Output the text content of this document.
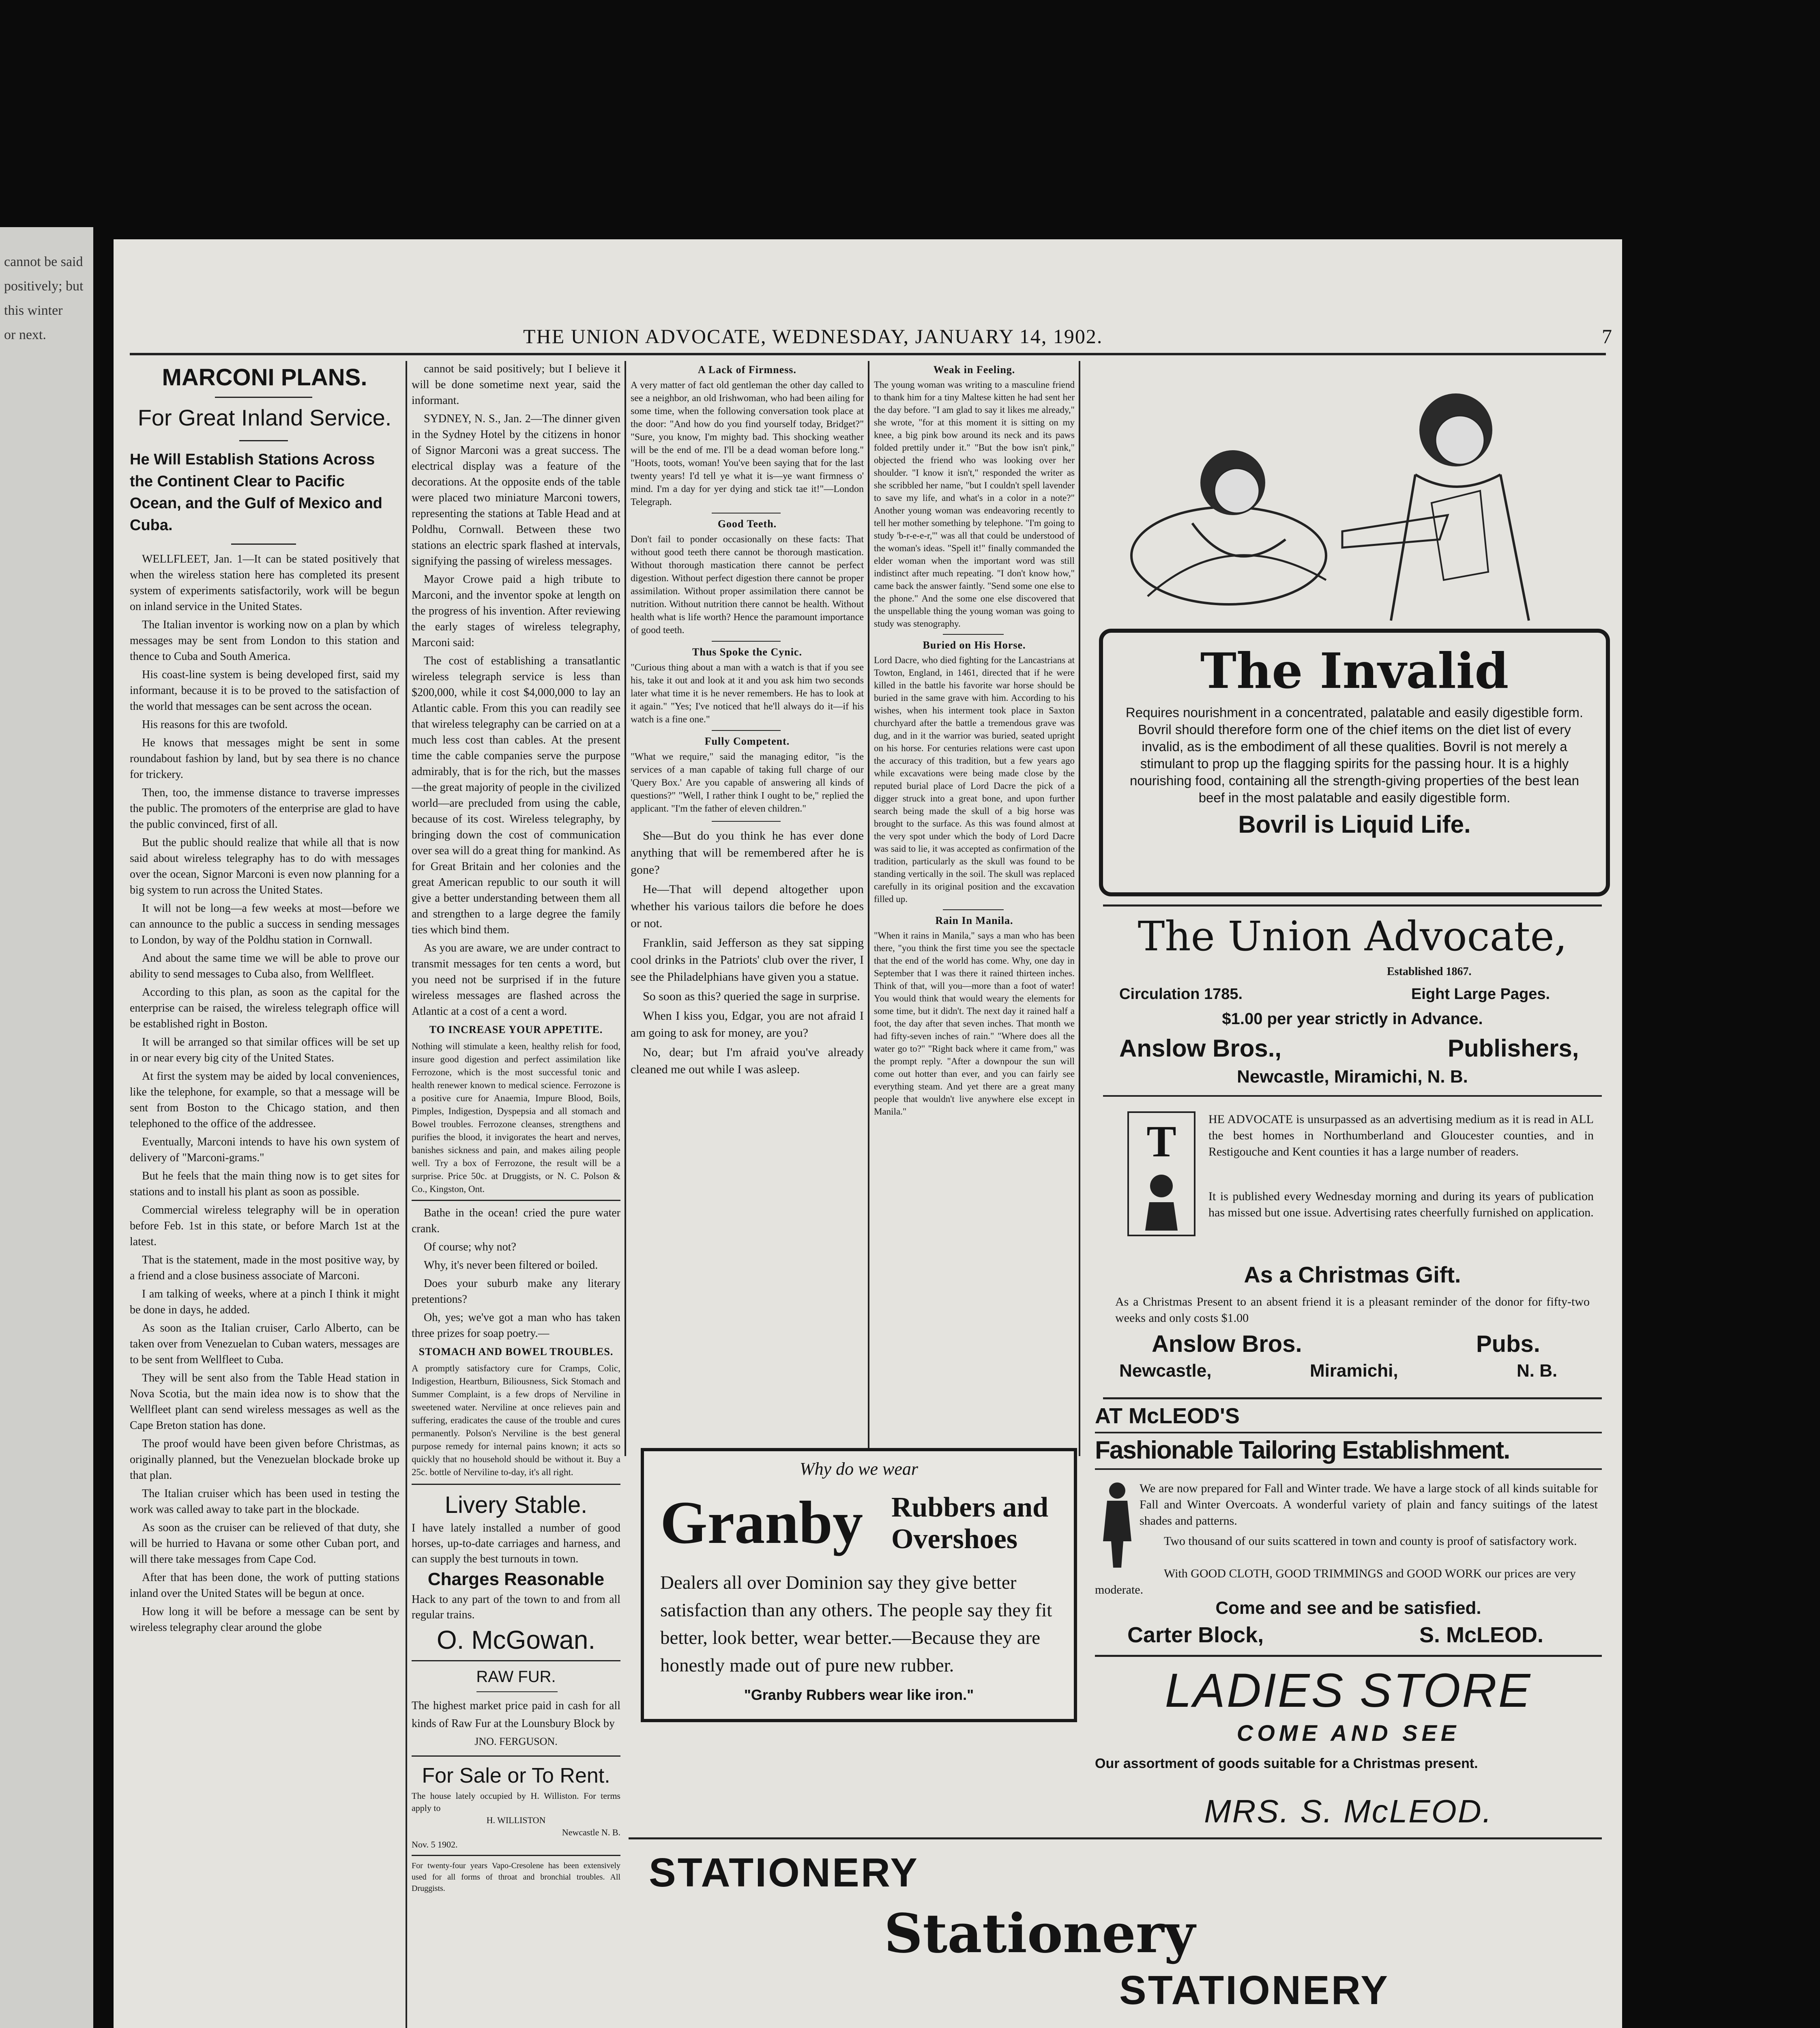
cannot be said
positively; but
this winter
or next.	THE UNION ADVOCATE, WEDNESDAY, JANUARY 14, 1902.	7
MARCONI PLANS.
For Great Inland Service.
He Will Establish Stations Across the Continent Clear to Pacific Ocean, and the Gulf of Mexico and Cuba.

WELLFLEET, Jan. 1—It can be stated positively that when the wireless station here has completed its present system of experiments satisfactorily, work will be begun on inland service in the United States.

The Italian inventor is working now on a plan by which messages may be sent from London to this station and thence to Cuba and South America.

His coast-line system is being developed first, said my informant, because it is to be proved to the satisfaction of the world that messages can be sent across the ocean.

His reasons for this are twofold.

He knows that messages might be sent in some roundabout fashion by land, but by sea there is no chance for trickery.

Then, too, the immense distance to traverse impresses the public. The promoters of the enterprise are glad to have the public convinced, first of all.

But the public should realize that while all that is now said about wireless telegraphy has to do with messages over the ocean, Signor Marconi is even now planning for a big system to run across the United States.

It will not be long—a few weeks at most—before we can announce to the public a success in sending messages to London, by way of the Poldhu station in Cornwall.

And about the same time we will be able to prove our ability to send messages to Cuba also, from Wellfleet.

According to this plan, as soon as the capital for the enterprise can be raised, the wireless telegraph office will be established right in Boston.

It will be arranged so that similar offices will be set up in or near every big city of the United States.

At first the system may be aided by local conveniences, like the telephone, for example, so that a message will be sent from Boston to the Chicago station, and then telephoned to the office of the addressee.

Eventually, Marconi intends to have his own system of delivery of "Marconi-grams."

But he feels that the main thing now is to get sites for stations and to install his plant as soon as possible.

Commercial wireless telegraphy will be in operation before Feb. 1st in this state, or before March 1st at the latest.

That is the statement, made in the most positive way, by a friend and a close business associate of Marconi.

I am talking of weeks, where at a pinch I think it might be done in days, he added.

As soon as the Italian cruiser, Carlo Alberto, can be taken over from Venezuelan to Cuban waters, messages are to be sent from Wellfleet to Cuba.

They will be sent also from the Table Head station in Nova Scotia, but the main idea now is to show that the Wellfleet plant can send wireless messages as well as the Cape Breton station has done.

The proof would have been given before Christmas, as originally planned, but the Venezuelan blockade broke up that plan.

The Italian cruiser which has been used in testing the work was called away to take part in the blockade.

As soon as the cruiser can be relieved of that duty, she will be hurried to Havana or some other Cuban port, and will there take messages from Cape Cod.

After that has been done, the work of putting stations inland over the United States will be begun at once.

How long it will be before a message can be sent by wireless telegraphy clear around the globe

cannot be said positively; but I believe it will be done sometime next year, said the informant.

SYDNEY, N. S., Jan. 2—The dinner given in the Sydney Hotel by the citizens in honor of Signor Marconi was a great success. The electrical display was a feature of the decorations. At the opposite ends of the table were placed two miniature Marconi towers, representing the stations at Table Head and at Poldhu, Cornwall. Between these two stations an electric spark flashed at intervals, signifying the passing of wireless messages.

Mayor Crowe paid a high tribute to Marconi, and the inventor spoke at length on the progress of his invention. After reviewing the early stages of wireless telegraphy, Marconi said:

The cost of establishing a transatlantic wireless telegraph service is less than $200,000, while it cost $4,000,000 to lay an Atlantic cable. From this you can readily see that wireless telegraphy can be carried on at a much less cost than cables. At the present time the cable companies serve the purpose admirably, that is for the rich, but the masses—the great majority of people in the civilized world—are precluded from using the cable, because of its cost. Wireless telegraphy, by bringing down the cost of communication over sea will do a great thing for mankind. As for Great Britain and her colonies and the great American republic to our south it will give a better understanding between them all and strengthen to a large degree the family ties which bind them.

As you are aware, we are under contract to transmit messages for ten cents a word, but you need not be surprised if in the future wireless messages are flashed across the Atlantic at a cost of a cent a word.

TO INCREASE YOUR APPETITE.
Nothing will stimulate a keen, healthy relish for food, insure good digestion and perfect assimilation like Ferrozone, which is the most successful tonic and health renewer known to medical science. Ferrozone is a positive cure for Anaemia, Impure Blood, Boils, Pimples, Indigestion, Dyspepsia and all stomach and Bowel troubles. Ferrozone cleanses, strengthens and purifies the blood, it invigorates the heart and nerves, banishes sickness and pain, and makes ailing people well. Try a box of Ferrozone, the result will be a surprise. Price 50c. at Druggists, or N. C. Polson & Co., Kingston, Ont.

Bathe in the ocean! cried the pure water crank.

Of course; why not?

Why, it's never been filtered or boiled.

Does your suburb make any literary pretentions?

Oh, yes; we've got a man who has taken three prizes for soap poetry.—

STOMACH AND BOWEL TROUBLES.
A promptly satisfactory cure for Cramps, Colic, Indigestion, Heartburn, Biliousness, Sick Stomach and Summer Complaint, is a few drops of Nerviline in sweetened water. Nerviline at once relieves pain and suffering, eradicates the cause of the trouble and cures permanently. Polson's Nerviline is the best general purpose remedy for internal pains known; it acts so quickly that no household should be without it. Buy a 25c. bottle of Nerviline to-day, it's all right.
Livery Stable.
I have lately installed a number of good horses, up-to-date carriages and harness, and can supply the best turnouts in town.
Charges Reasonable
Hack to any part of the town to and from all regular trains.
O. McGowan.
RAW FUR.
The highest market price paid in cash for all kinds of Raw Fur at the Lounsbury Block by
JNO. FERGUSON.
For Sale or To Rent.
The house lately occupied by H. Williston. For terms apply to
H. WILLISTON
Newcastle N. B.
Nov. 5 1902.
For twenty-four years Vapo-Cresolene has been extensively used for all forms of throat and bronchial troubles. All Druggists.
A Lack of Firmness.
A very matter of fact old gentleman the other day called to see a neighbor, an old Irishwoman, who had been ailing for some time, when the following conversation took place at the door: "And how do you find yourself today, Bridget?" "Sure, you know, I'm mighty bad. This shocking weather will be the end of me. I'll be a dead woman before long." "Hoots, toots, woman! You've been saying that for the last twenty years! I'd tell ye what it is—ye want firmness o' mind. I'm a day for yer dying and stick tae it!"—London Telegraph.
Good Teeth.
Don't fail to ponder occasionally on these facts: That without good teeth there cannot be thorough mastication. Without thorough mastication there cannot be perfect digestion. Without perfect digestion there cannot be proper assimilation. Without proper assimilation there cannot be nutrition. Without nutrition there cannot be health. Without health what is life worth? Hence the paramount importance of good teeth.
Thus Spoke the Cynic.
"Curious thing about a man with a watch is that if you see his, take it out and look at it and you ask him two seconds later what time it is he never remembers. He has to look at it again." "Yes; I've noticed that he'll always do it—if his watch is a fine one."
Fully Competent.
"What we require," said the managing editor, "is the services of a man capable of taking full charge of our 'Query Box.' Are you capable of answering all kinds of questions?" "Well, I rather think I ought to be," replied the applicant. "I'm the father of eleven children."

She—But do you think he has ever done anything that will be remembered after he is gone?

He—That will depend altogether upon whether his various tailors die before he does or not.

Franklin, said Jefferson as they sat sipping cool drinks in the Patriots' club over the river, I see the Philadelphians have given you a statue.

So soon as this? queried the sage in surprise.

When I kiss you, Edgar, you are not afraid I am going to ask for money, are you?

No, dear; but I'm afraid you've already cleaned me out while I was asleep.

Weak in Feeling.
The young woman was writing to a masculine friend to thank him for a tiny Maltese kitten he had sent her the day before. "I am glad to say it likes me already," she wrote, "for at this moment it is sitting on my knee, a big pink bow around its neck and its paws folded prettily under it." "But the bow isn't pink," objected the friend who was looking over her shoulder. "I know it isn't," responded the writer as she scribbled her name, "but I couldn't spell lavender to save my life, and what's in a color in a note?" Another young woman was endeavoring recently to tell her mother something by telephone. "I'm going to study 'b-r-e-e-r,'" was all that could be understood of the woman's ideas. "Spell it!" finally commanded the elder woman when the important word was still indistinct after much repeating. "I don't know how," came back the answer faintly. "Send some one else to the phone." And the some one else discovered that the unspellable thing the young woman was going to study was stenography.
Buried on His Horse.
Lord Dacre, who died fighting for the Lancastrians at Towton, England, in 1461, directed that if he were killed in the battle his favorite war horse should be buried in the same grave with him. According to his wishes, when his interment took place in Saxton churchyard after the battle a tremendous grave was dug, and in it the warrior was buried, seated upright on his horse. For centuries relations were cast upon the accuracy of this tradition, but a few years ago while excavations were being made close by the reputed burial place of Lord Dacre the pick of a digger struck into a great bone, and upon further search being made the skull of a big horse was brought to the surface. As this was found almost at the very spot under which the body of Lord Dacre was said to lie, it was accepted as confirmation of the tradition, particularly as the skull was found to be standing vertically in the soil. The skull was replaced carefully in its original position and the excavation filled up.
Rain In Manila.
"When it rains in Manila," says a man who has been there, "you think the first time you see the spectacle that the end of the world has come. Why, one day in September that I was there it rained thirteen inches. Think of that, will you—more than a foot of water! You would think that would weary the elements for some time, but it didn't. The next day it rained half a foot, the day after that seven inches. That month we had fifty-seven inches of rain." "Where does all the water go to?" "Right back where it came from," was the prompt reply. "After a downpour the sun will come out hotter than ever, and you can fairly see everything steam. And yet there are a great many people that wouldn't live anywhere else except in Manila."
Why do we wear
Granby Rubbers and Overshoes
Dealers all over Dominion say they give better satisfaction than any others. The people say they fit better, look better, wear better.—Because they are honestly made out of pure new rubber.
"Granby Rubbers wear like iron."
The Invalid
Requires nourishment in a concentrated, palatable and easily digestible form. Bovril should therefore form one of the chief items on the diet list of every invalid, as is the embodiment of all these qualities. Bovril is not merely a stimulant to prop up the flagging spirits for the passing hour. It is a highly nourishing food, containing all the strength-giving properties of the best lean beef in the most palatable and easily digestible form.
Bovril is Liquid Life.
The Union Advocate,
Established 1867.
Circulation 1785.	Eight Large Pages.
$1.00 per year strictly in Advance.
Anslow Bros.,	Publishers,
Newcastle, Miramichi, N. B.
T	HE ADVOCATE is unsurpassed as an advertising medium as it is read in ALL the best homes in Northumberland and Gloucester counties, and in Restigouche and Kent counties it has a large number of readers.
It is published every Wednesday morning and during its years of publication has missed but one issue. Advertising rates cheerfully furnished on application.
As a Christmas Gift.
As a Christmas Present to an absent friend it is a pleasant reminder of the donor for fifty-two weeks and only costs $1.00
Anslow Bros.	Pubs.
Newcastle,	Miramichi,	N. B.
AT McLEOD'S
Fashionable Tailoring Establishment.
We are now prepared for Fall and Winter trade. We have a large stock of all kinds suitable for Fall and Winter Overcoats. A wonderful variety of plain and fancy suitings of the latest shades and patterns.
Two thousand of our suits scattered in town and county is proof of satisfactory work.
With GOOD CLOTH, GOOD TRIMMINGS and GOOD WORK our prices are very moderate.
Come and see and be satisfied.
Carter Block,	S. McLEOD.
LADIES STORE
COME AND SEE
Our assortment of goods suitable for a Christmas present.
MRS. S. McLEOD.
STATIONERY
Stationery
STATIONERY
